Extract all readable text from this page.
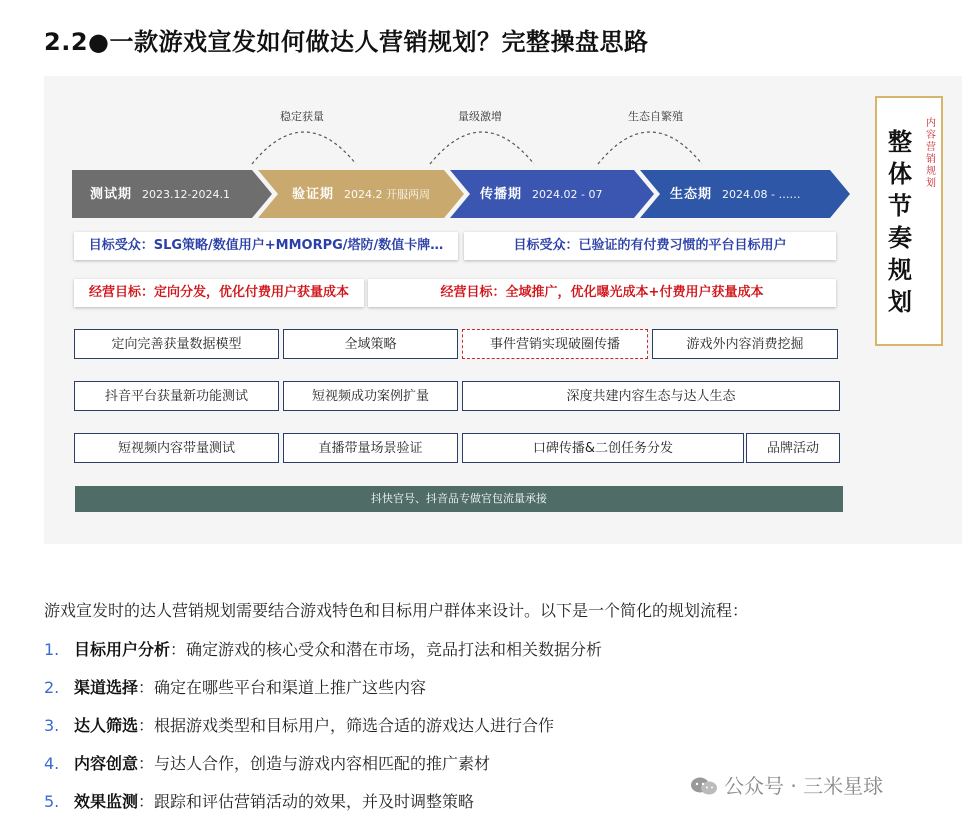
2.2●一款游戏宣发如何做达人营销规划？完整操盘思路
稳定获量	量级激增	生态自繁殖
测试期 2023.12-2024.1	验证期 2024.2 开服两周	传播期 2024.02 - 07	生态期 2024.08 - ……
目标受众：SLG策略/数值用户+MMORPG/塔防/数值卡牌…	目标受众：已验证的有付费习惯的平台目标用户
经营目标：定向分发，优化付费用户获量成本	经营目标：全域推广，优化曝光成本+付费用户获量成本
定向完善获量数据模型	全域策略	事件营销实现破圈传播	游戏外内容消费挖掘
抖音平台获量新功能测试	短视频成功案例扩量	深度共建内容生态与达人生态
短视频内容带量测试	直播带量场景验证	口碑传播&二创任务分发	品牌活动
抖快官号、抖音品专做官包流量承接
整
体
节
奏
规
划
内容营销规划
游戏宣发时的达人营销规划需要结合游戏特色和目标用户群体来设计。以下是一个简化的规划流程：
1. 目标用户分析：确定游戏的核心受众和潜在市场，竞品打法和相关数据分析
2. 渠道选择：确定在哪些平台和渠道上推广这些内容
3. 达人筛选：根据游戏类型和目标用户，筛选合适的游戏达人进行合作
4. 内容创意：与达人合作，创造与游戏内容相匹配的推广素材
5. 效果监测：跟踪和评估营销活动的效果，并及时调整策略
公众号 · 三米星球
